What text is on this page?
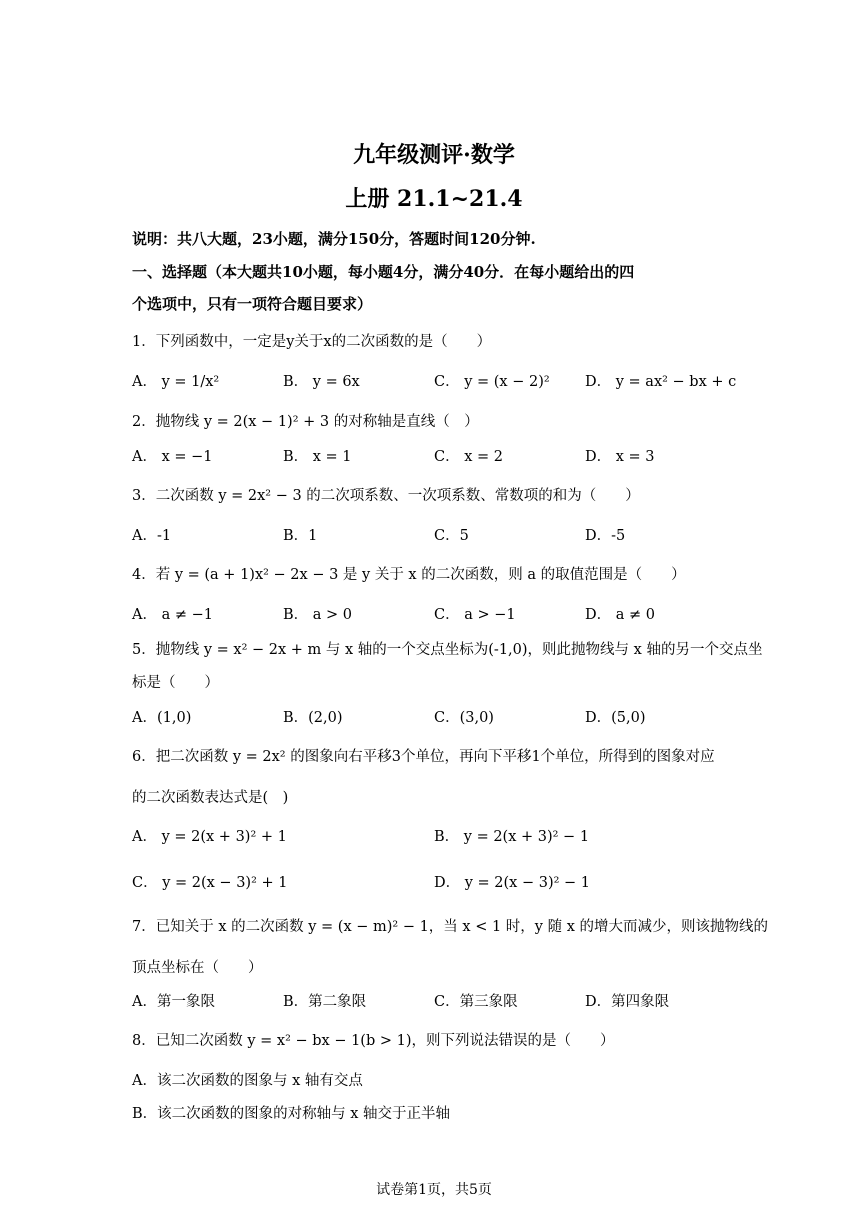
九年级测评·数学
上册 21.1~21.4
说明：共八大题，23小题，满分150分，答题时间120分钟.
一、选择题（本大题共10小题，每小题4分，满分40分．在每小题给出的四
个选项中，只有一项符合题目要求）
1．下列函数中，一定是y关于x的二次函数的是（　　）
A． y = 1/x²	B． y = 6x	C． y = (x − 2)² D． y = ax² − bx + c
2．抛物线 y = 2(x − 1)² + 3 的对称轴是直线（　）
A． x = −1	B． x = 1	C． x = 2	D． x = 3
3．二次函数 y = 2x² − 3 的二次项系数、一次项系数、常数项的和为（　　）
A．-1	B．1	C．5	D．-5
4．若 y = (a + 1)x² − 2x − 3 是 y 关于 x 的二次函数，则 a 的取值范围是（　　）
A． a ≠ −1	B． a > 0	C． a > −1	D． a ≠ 0
5．抛物线 y = x² − 2x + m 与 x 轴的一个交点坐标为(-1,0)，则此抛物线与 x 轴的另一个交点坐
标是（　　）
A．(1,0)	B．(2,0)	C．(3,0)	D．(5,0)
6．把二次函数 y = 2x² 的图象向右平移3个单位，再向下平移1个单位，所得到的图象对应
的二次函数表达式是(　)
A． y = 2(x + 3)² + 1	B． y = 2(x + 3)² − 1
C． y = 2(x − 3)² + 1	D． y = 2(x − 3)² − 1
7．已知关于 x 的二次函数 y = (x − m)² − 1，当 x < 1 时，y 随 x 的增大而减少，则该抛物线的
顶点坐标在（　　）
A．第一象限	B．第二象限	C．第三象限	D．第四象限
8．已知二次函数 y = x² − bx − 1(b > 1)，则下列说法错误的是（　　）
A．该二次函数的图象与 x 轴有交点
B．该二次函数的图象的对称轴与 x 轴交于正半轴
试卷第1页，共5页
